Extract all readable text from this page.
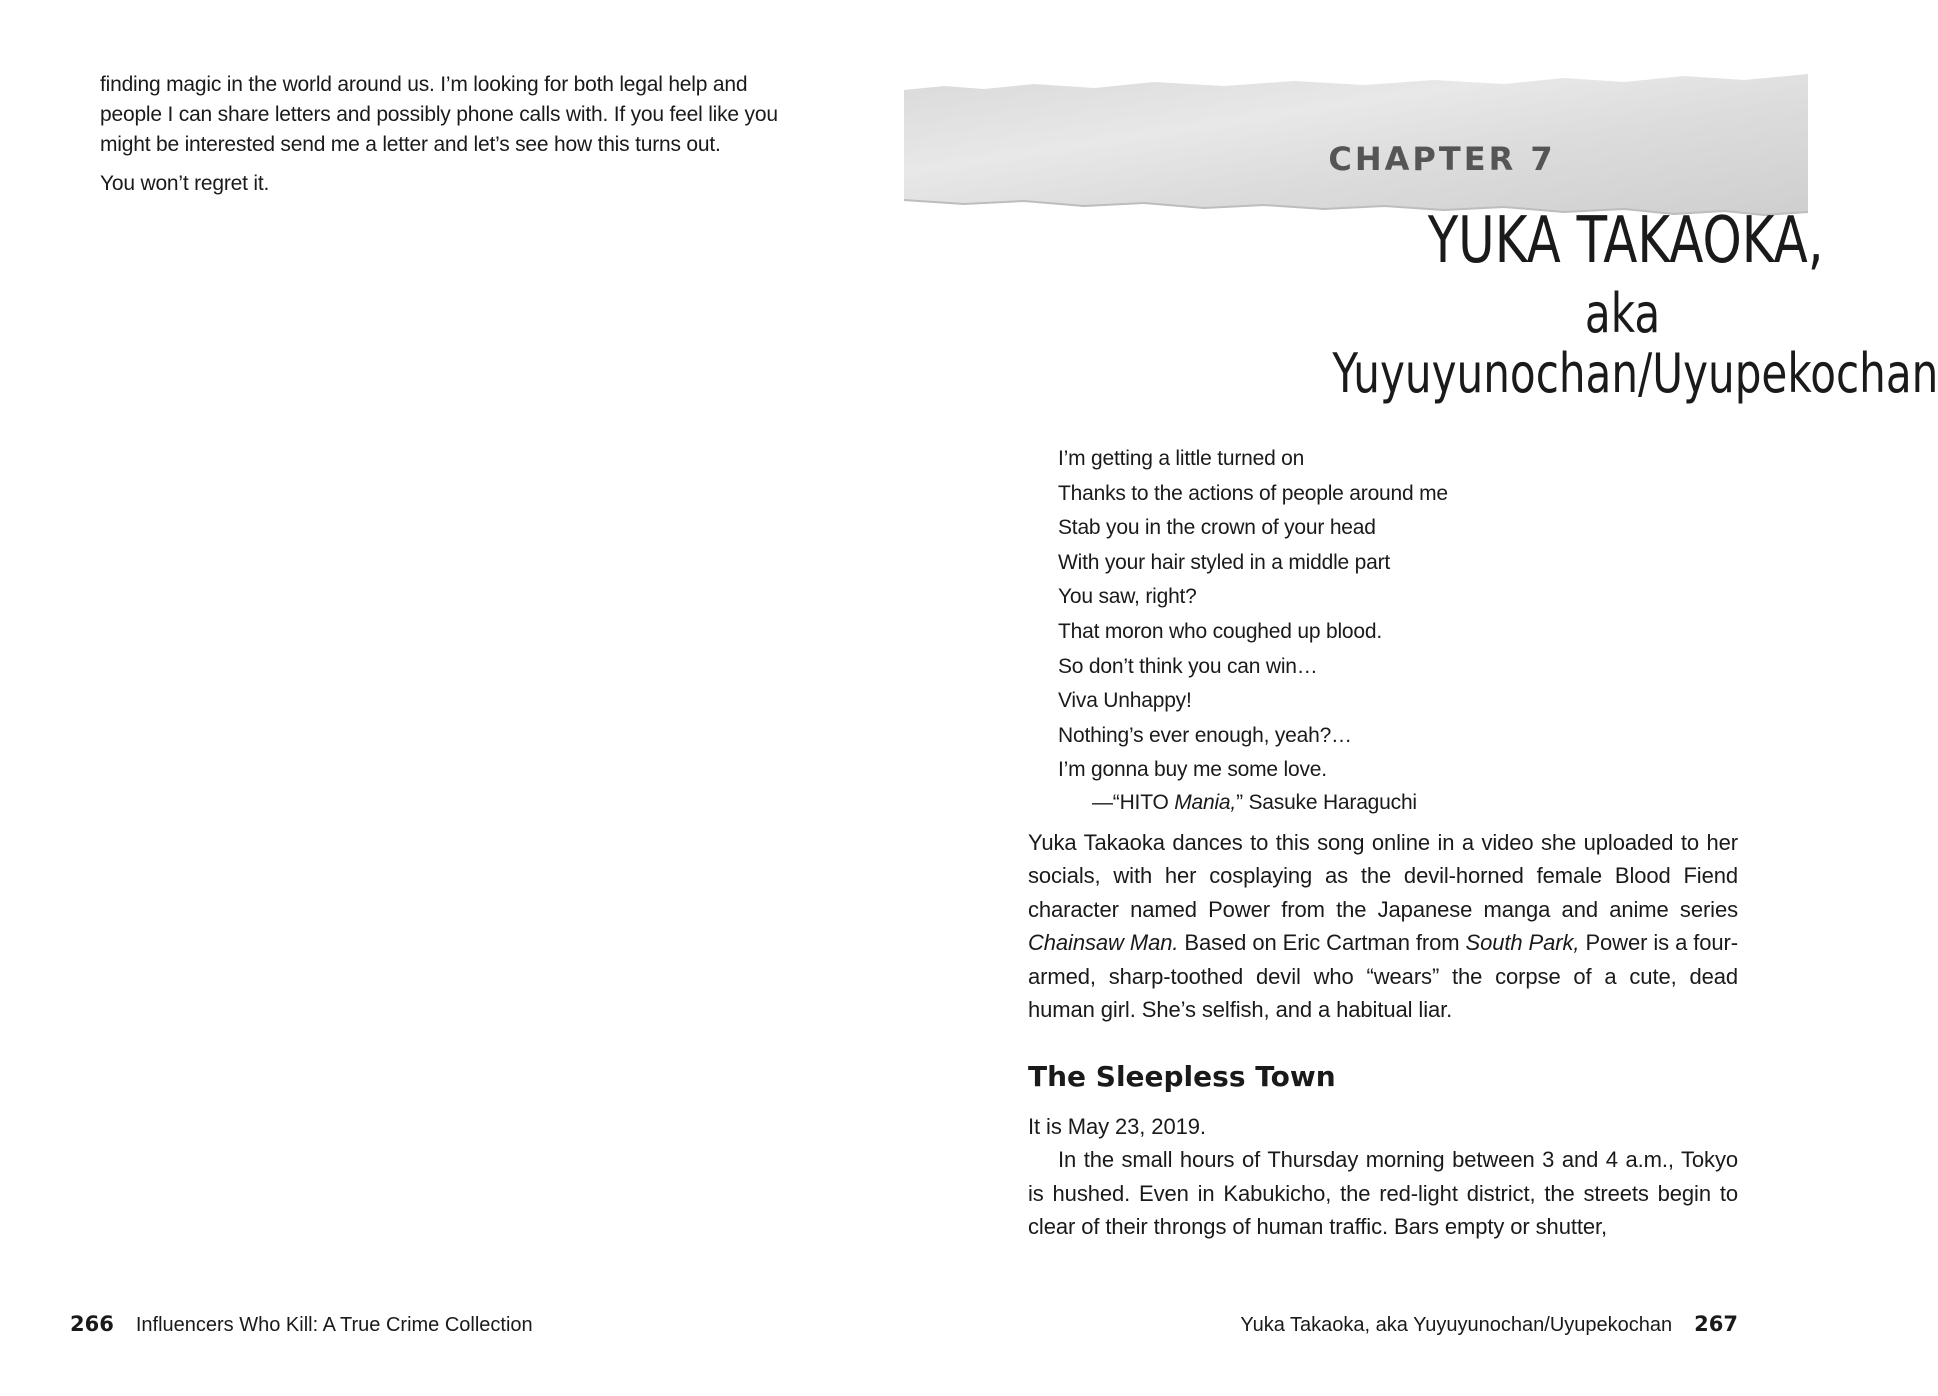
finding magic in the world around us. I’m looking for both legal help and people I can share letters and possibly phone calls with. If you feel like you might be interested send me a letter and let’s see how this turns out.

You won’t regret it.

266 Influencers Who Kill: A True Crime Collection
CHAPTER 7
YUKA TAKAOKA,
aka Yuyuyunochan/Uyupekochan
I’m getting a little turned on
Thanks to the actions of people around me
Stab you in the crown of your head
With your hair styled in a middle part
You saw, right?
That moron who coughed up blood.
So don’t think you can win…
Viva Unhappy!
Nothing’s ever enough, yeah?…
I’m gonna buy me some love.
—“HITO Mania,” Sasuke Haraguchi

Yuka Takaoka dances to this song online in a video she uploaded to her socials, with her cosplaying as the devil-horned female Blood Fiend character named Power from the Japanese manga and anime series Chainsaw Man. Based on Eric Cartman from South Park, Power is a four-armed, sharp-toothed devil who “wears” the corpse of a cute, dead human girl. She’s selfish, and a habitual liar.

The Sleepless Town

It is May 23, 2019.

In the small hours of Thursday morning between 3 and 4 a.m., Tokyo is hushed. Even in Kabukicho, the red-light district, the streets begin to clear of their throngs of human traffic. Bars empty or shutter,

Yuka Takaoka, aka Yuyuyunochan/Uyupekochan 267
